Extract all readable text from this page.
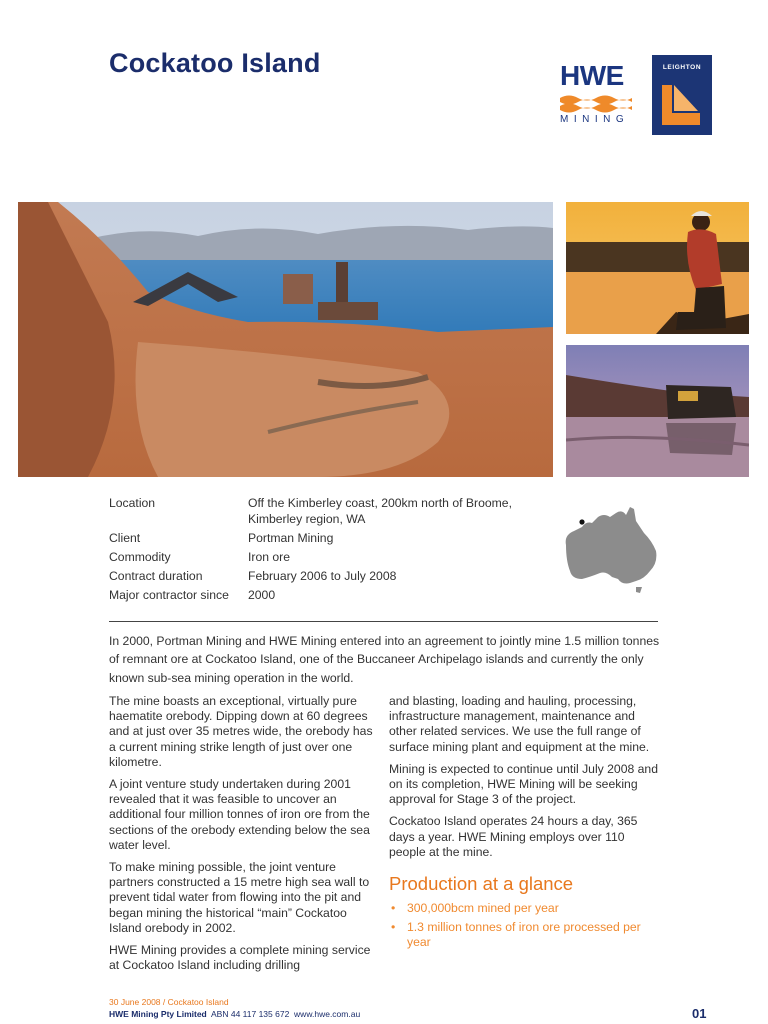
Cockatoo Island	HWE
MINING
LEIGHTON
Location	Off the Kimberley coast, 200km north of Broome,
Kimberley region, WA
Client	Portman Mining
Commodity	Iron ore
Contract duration	February 2006 to July 2008
Major contractor since	2000
In 2000, Portman Mining and HWE Mining entered into an agreement to jointly mine 1.5 million tonnes of remnant ore at Cockatoo Island, one of the Buccaneer Archipelago islands and currently the only known sub-sea mining operation in the world.

The mine boasts an exceptional, virtually pure haematite orebody. Dipping down at 60 degrees and at just over 35 metres wide, the orebody has a current mining strike length of just over one kilometre.

A joint venture study undertaken during 2001 revealed that it was feasible to uncover an additional four million tonnes of iron ore from the sections of the orebody extending below the sea water level.

To make mining possible, the joint venture partners constructed a 15 metre high sea wall to prevent tidal water from flowing into the pit and began mining the historical “main” Cockatoo Island orebody in 2002.

HWE Mining provides a complete mining service at Cockatoo Island including drilling

and blasting, loading and hauling, processing, infrastructure management, maintenance and other related services. We use the full range of surface mining plant and equipment at the mine.

Mining is expected to continue until July 2008 and on its completion, HWE Mining will be seeking approval for Stage 3 of the project.

Cockatoo Island operates 24 hours a day, 365 days a year. HWE Mining employs over 110 people at the mine.

Production at a glance
• 300,000bcm mined per year
• 1.3 million tonnes of iron ore processed per year
30 June 2008 / Cockatoo Island
HWE Mining Pty Limited ABN 44 117 135 672 www.hwe.com.au	01
